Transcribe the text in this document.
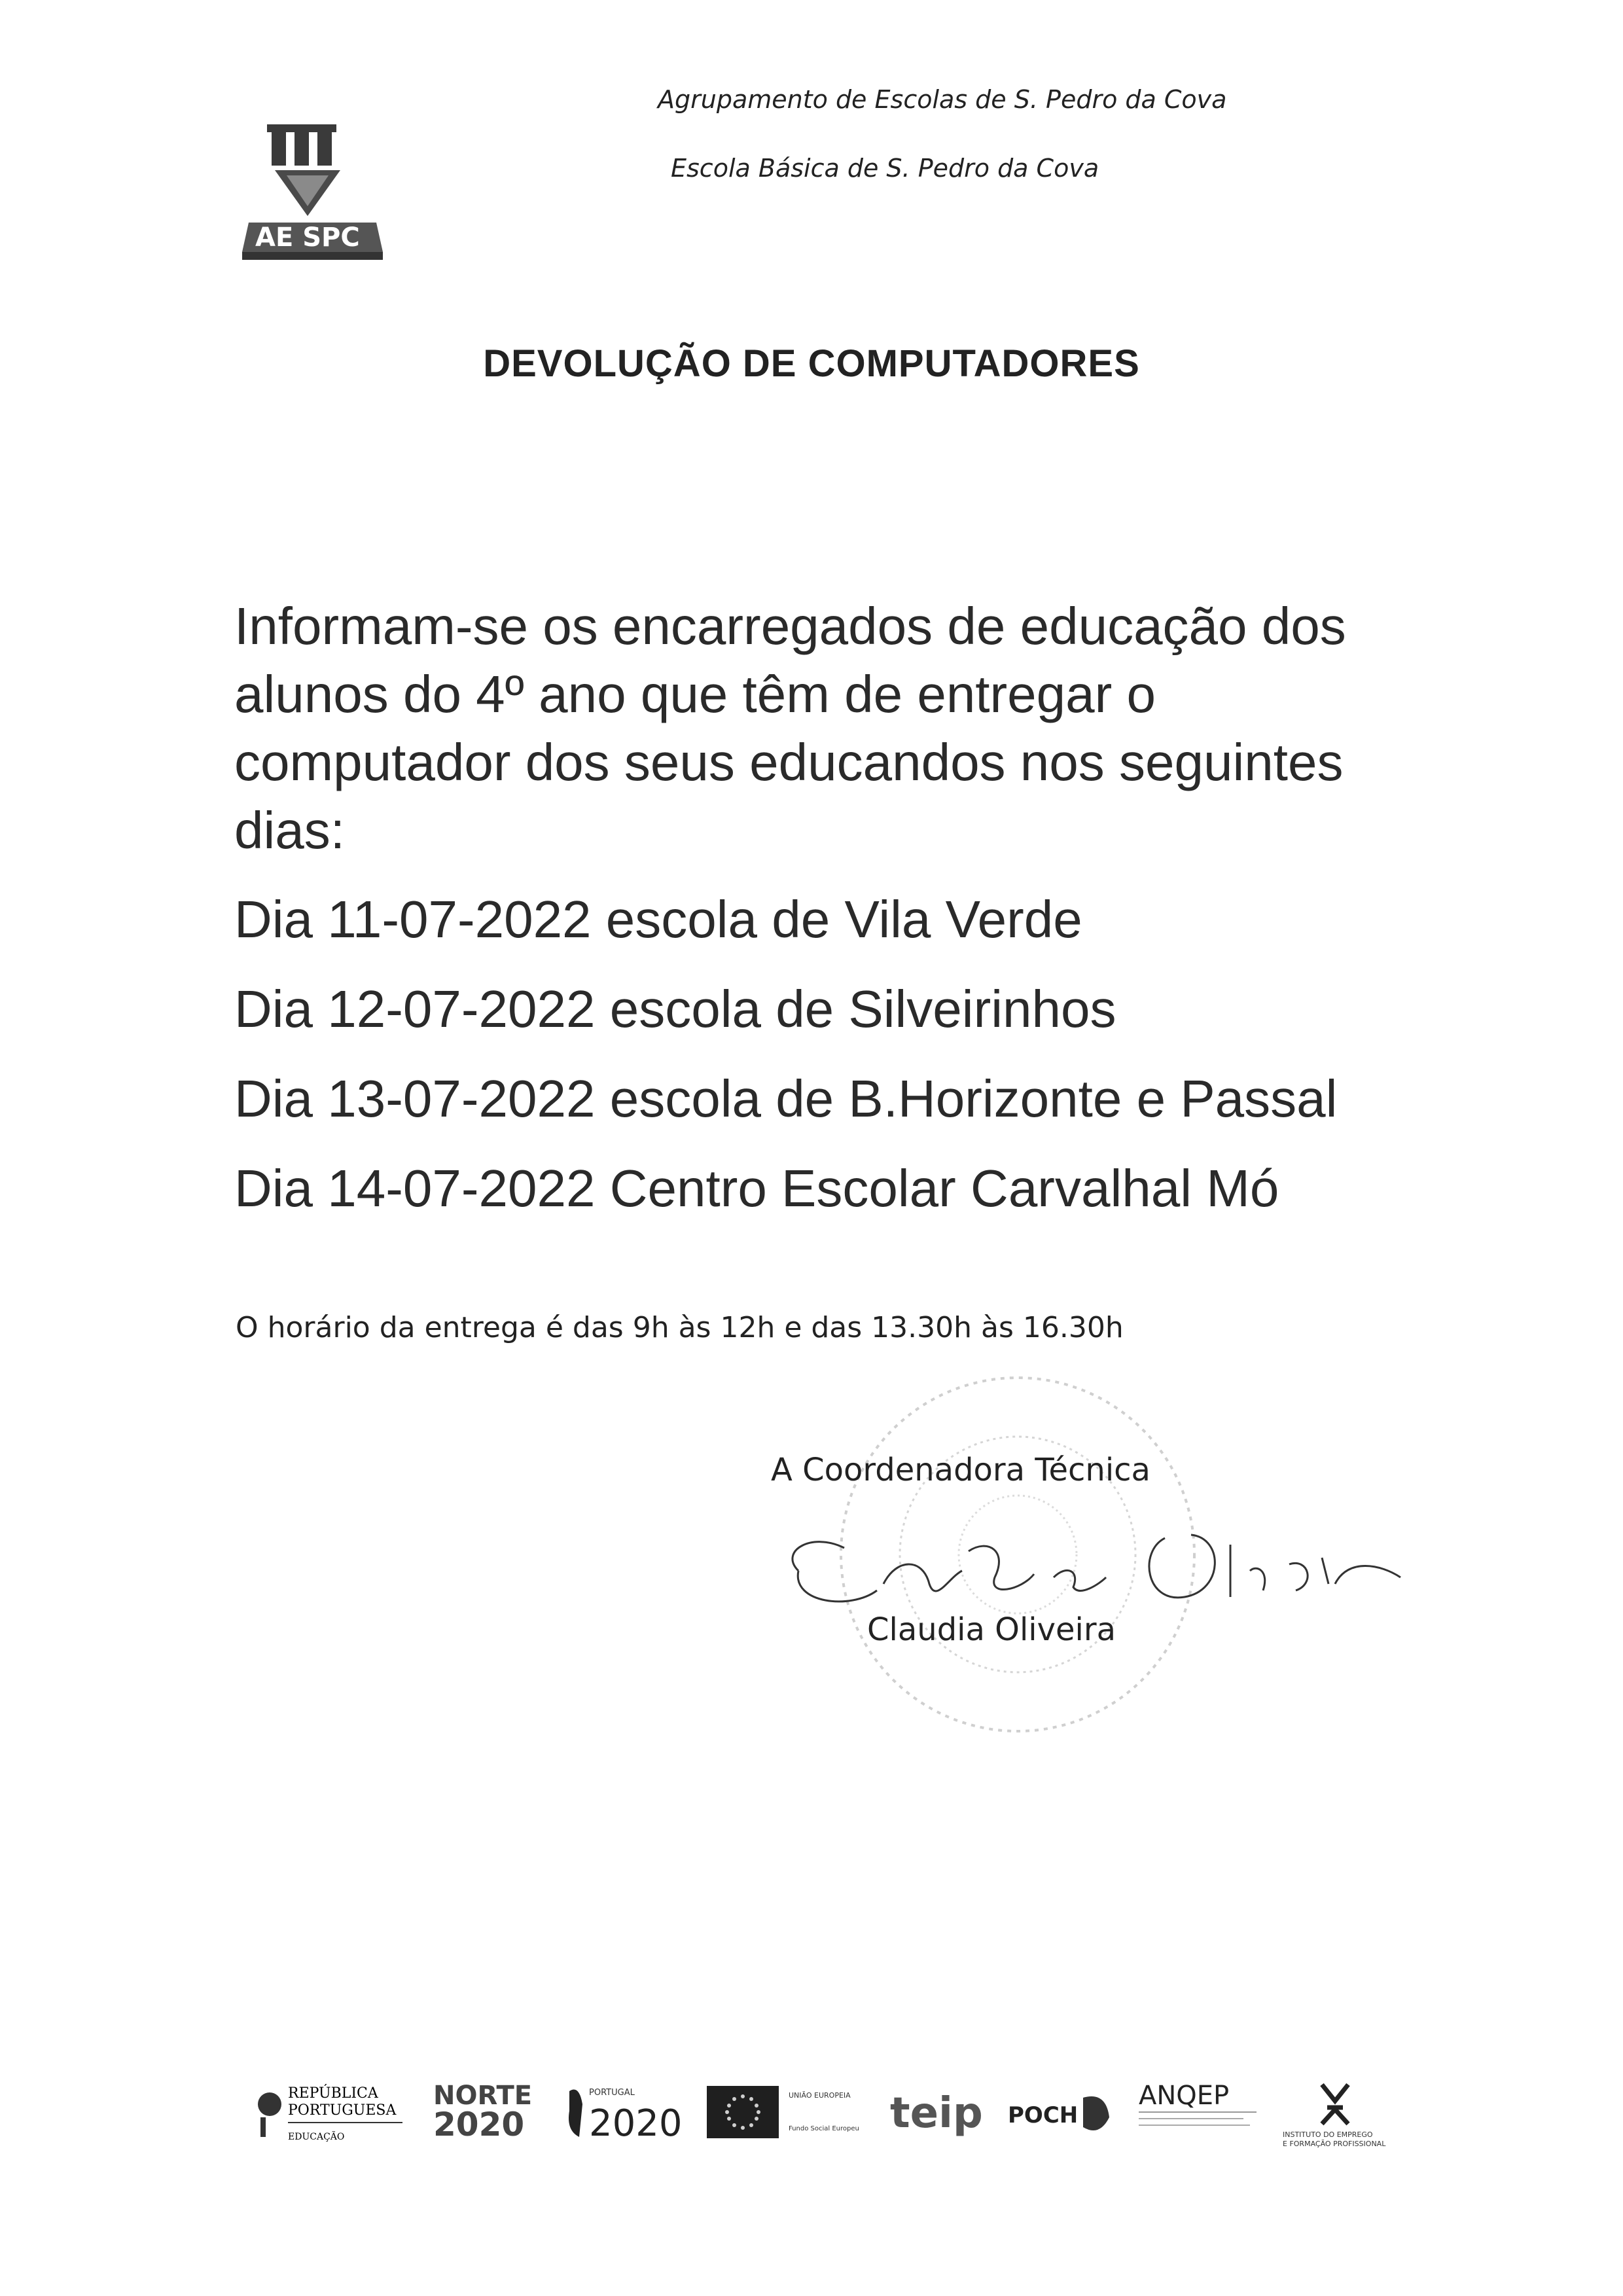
AE SPC
Agrupamento de Escolas de S. Pedro da Cova
Escola Básica de S. Pedro da Cova
DEVOLUÇÃO DE COMPUTADORES
Informam-se os encarregados de educação dos alunos do 4º ano que têm de entregar o computador dos seus educandos nos seguintes dias:
Dia 11-07-2022 escola de Vila Verde
Dia 12-07-2022 escola de Silveirinhos
Dia 13-07-2022 escola de B.Horizonte e Passal
Dia 14-07-2022 Centro Escolar Carvalhal Mó
O horário da entrega é das 9h às 12h e das 13.30h às 16.30h
A Coordenadora Técnica
Claudia Oliveira
REPÚBLICA
PORTUGUESA
EDUCAÇÃO
NORTE
2020
PORTUGAL
2020
UNIÃO EUROPEIA
Fundo Social Europeu teip POCH
ANQEP
INSTITUTO DO EMPREGO
E FORMAÇÃO PROFISSIONAL
